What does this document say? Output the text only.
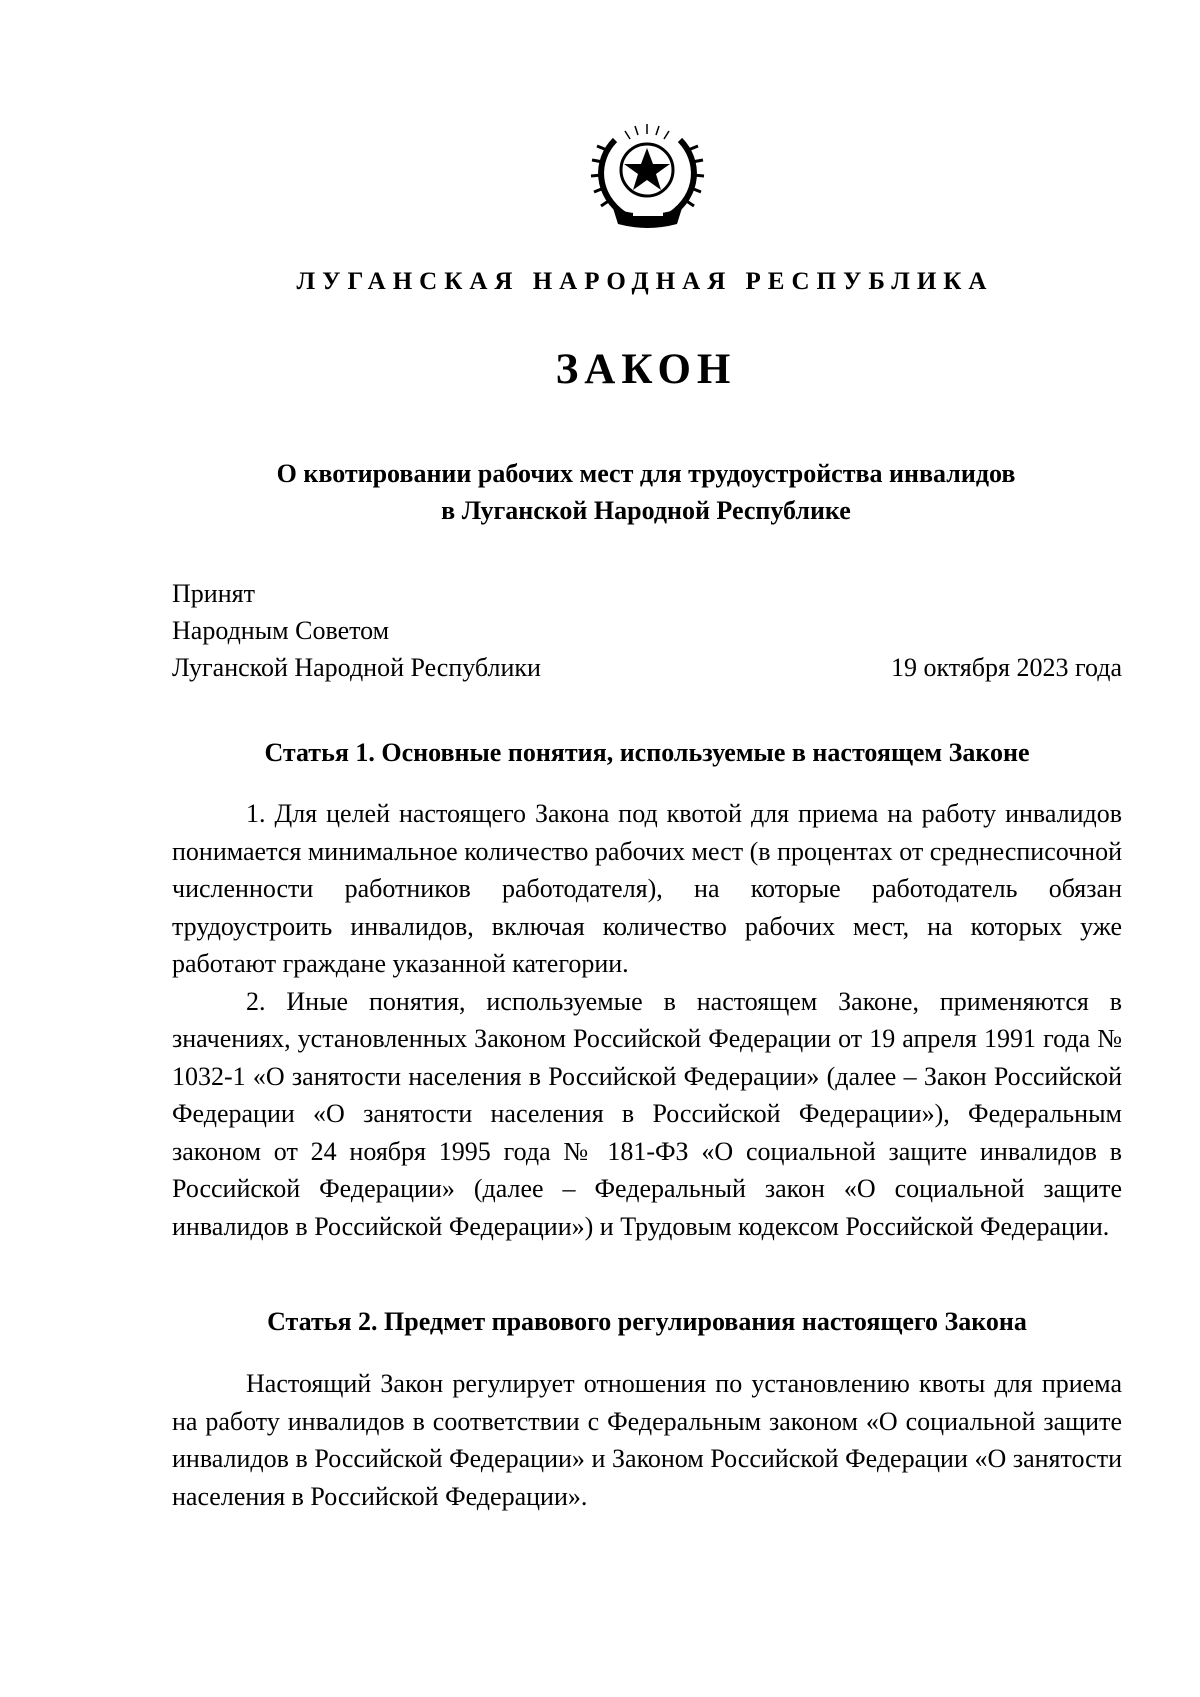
ЛУГАНСКАЯ НАРОДНАЯ РЕСПУБЛИКА
ЗАКОН
О квотировании рабочих мест для трудоустройства инвалидов
в Луганской Народной Республике
Принят
Народным Советом
Луганской Народной Республики	19 октября 2023 года
Статья 1. Основные понятия, используемые в настоящем Законе

1. Для целей настоящего Закона под квотой для приема на работу инвалидов понимается минимальное количество рабочих мест (в процентах от среднесписочной численности работников работодателя), на которые работодатель обязан трудоустроить инвалидов, включая количество рабочих мест, на которых уже работают граждане указанной категории.

2. Иные понятия, используемые в настоящем Законе, применяются в значениях, установленных Законом Российской Федерации от 19 апреля 1991 года № 1032-1 «О занятости населения в Российской Федерации» (далее – Закон Российской Федерации «О занятости населения в Российской Федерации»), Федеральным законом от 24 ноября 1995 года № 181-ФЗ «О социальной защите инвалидов в Российской Федерации» (далее – Федеральный закон «О социальной защите инвалидов в Российской Федерации») и Трудовым кодексом Российской Федерации.

Статья 2. Предмет правового регулирования настоящего Закона

Настоящий Закон регулирует отношения по установлению квоты для приема на работу инвалидов в соответствии с Федеральным законом «О социальной защите инвалидов в Российской Федерации» и Законом Российской Федерации «О занятости населения в Российской Федерации».
